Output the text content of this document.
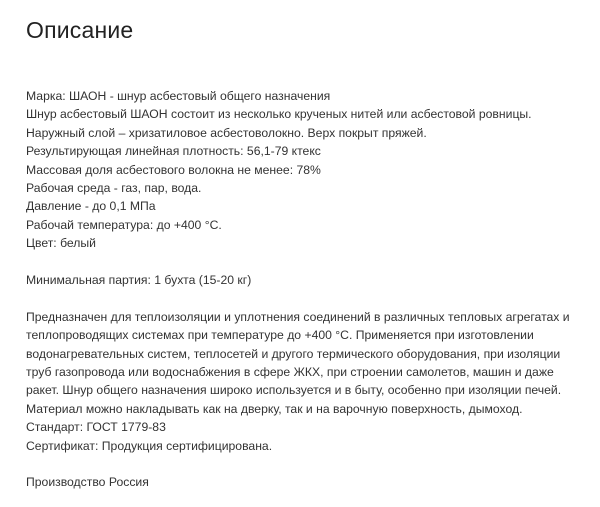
Описание

Марка: ШАОН - шнур асбестовый общего назначения

Шнур асбестовый ШАОН состоит из несколько крученых нитей или асбестовой ровницы. Наружный слой – хризатиловое асбестоволокно. Верх покрыт пряжей.

Результирующая линейная плотность: 56,1-79 ктекс

Массовая доля асбестового волокна не менее: 78%

Рабочая среда - газ, пар, вода.

Давление - до 0,1 МПа

Рабочай температура: до +400 °C.

Цвет: белый

Минимальная партия: 1 бухта (15-20 кг)

Предназначен для теплоизоляции и уплотнения соединений в различных тепловых агрегатах и теплопроводящих системах при температуре до +400 °C. Применяется при изготовлении водонагревательных систем, теплосетей и другого термического оборудования, при изоляции труб газопровода или водоснабжения в сфере ЖКХ, при строении самолетов, машин и даже ракет. Шнур общего назначения широко используется и в быту, особенно при изоляции печей. Материал можно накладывать как на дверку, так и на варочную поверхность, дымоход.

Стандарт: ГОСТ 1779-83

Сертификат: Продукция сертифицирована.

Производство Россия
